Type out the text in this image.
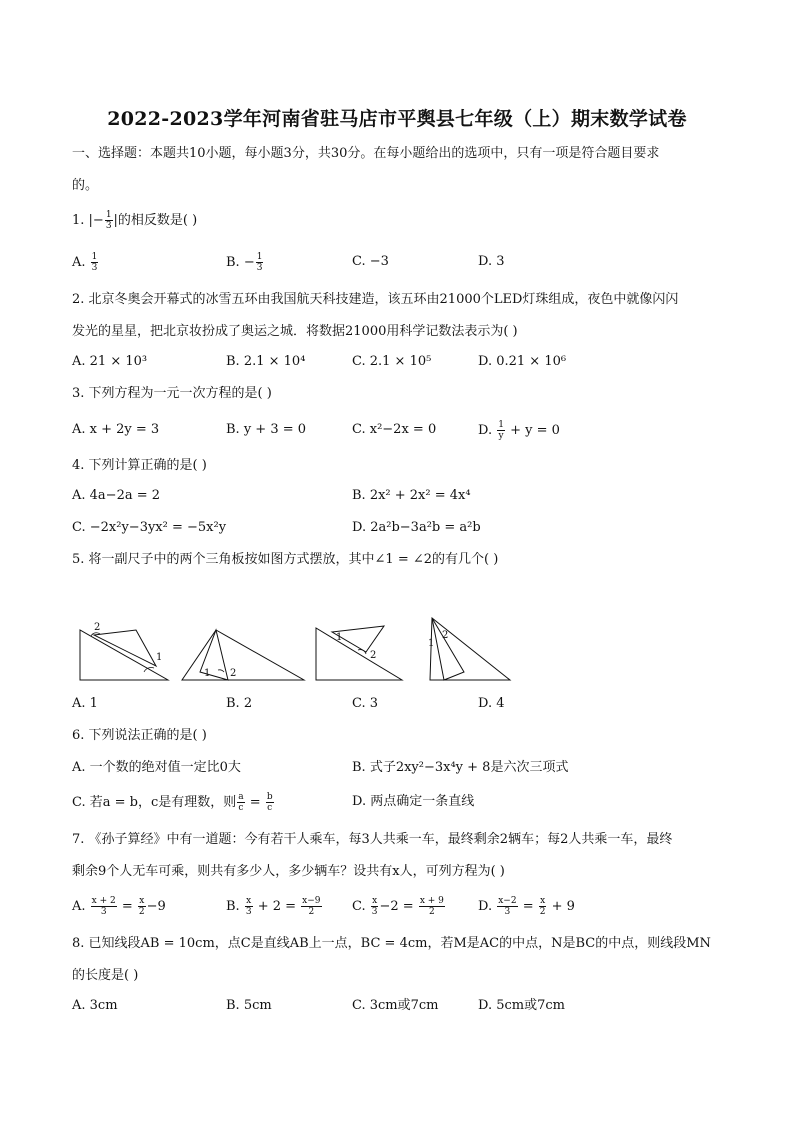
2022-2023学年河南省驻马店市平舆县七年级（上）期末数学试卷
一、选择题：本题共10小题，每小题3分，共30分。在每小题给出的选项中，只有一项是符合题目要求
的。
1. |− $\frac{1}{3}$ |的相反数是( )
A. $\frac{1}{3}$	B. − $\frac{1}{3}$	C. −3	D. 3
2. 北京冬奥会开幕式的冰雪五环由我国航天科技建造，该五环由21000个LED灯珠组成，夜色中就像闪闪
发光的星星，把北京妆扮成了奥运之城．将数据21000用科学记数法表示为( )
A. 21 × 10³	B. 2.1 × 10⁴	C. 2.1 × 10⁵	D. 0.21 × 10⁶
3. 下列方程为一元一次方程的是( )
A. x + 2y = 3	B. y + 3 = 0	C. x²−2x = 0	D. $\frac{1}{y} + y = 0$
4. 下列计算正确的是( )
A. 4a−2a = 2	B. 2x² + 2x² = 4x⁴
C. −2x²y−3yx² = −5x²y	D. 2a²b−3a²b = a²b
5. 将一副尺子中的两个三角板按如图方式摆放，其中∠1 = ∠2的有几个( )
2
1
1 2
1
2
1
2
A. 1	B. 2	C. 3	D. 4
6. 下列说法正确的是( )
A. 一个数的绝对值一定比0大	B. 式子2xy²−3x⁴y + 8是六次三项式
C. 若a = b，c是有理数，则 $\frac{a}{c} = \frac{b}{c}$	D. 两点确定一条直线
7. 《孙子算经》中有一道题：今有若干人乘车，每3人共乘一车，最终剩余2辆车；每2人共乘一车，最终
剩余9个人无车可乘，则共有多少人，多少辆车？设共有x人，可列方程为( )
A. $\frac{x + 2}{3} = \frac{x}{2} -9$	B. $\frac{x}{3} + 2 = \frac{x-9}{2} C$. $\frac{x}{3} -2 = \frac{x + 9}{2}$	D. $\frac{x-2}{3} = \frac{x}{2} + 9$
8. 已知线段AB = 10cm，点C是直线AB上一点，BC = 4cm，若M是AC的中点，N是BC的中点，则线段MN
的长度是( )
A. 3cm	B. 5cm	C. 3cm或7cm	D. 5cm或7cm
